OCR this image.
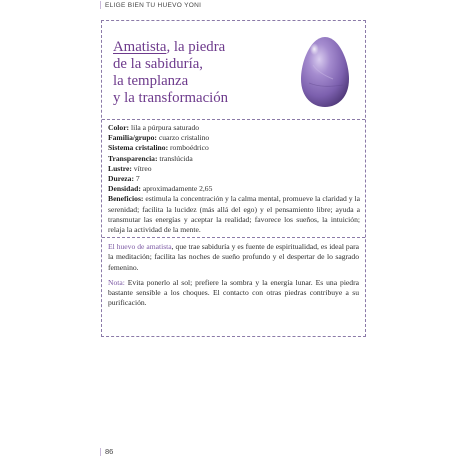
ELIGE BIEN TU HUEVO YONI
Amatista, la piedra
de la sabiduría,
la templanza
y la transformación
Color: lila a púrpura saturado
Familia/grupo: cuarzo cristalino
Sistema cristalino: romboédrico
Transparencia: translúcida
Lustre: vítreo
Dureza: 7
Densidad: aproximadamente 2,65
Beneficios: estimula la concentración y la calma mental, promueve la claridad y la serenidad; facilita la lucidez (más allá del ego) y el pensamiento libre; ayuda a transmutar las energías y aceptar la realidad; favorece los sueños, la intuición; relaja la actividad de la mente.

El huevo de amatista, que trae sabiduría y es fuente de espiritualidad, es ideal para la meditación; facilita las noches de sueño profundo y el despertar de lo sagrado femenino.

Nota: Evita ponerlo al sol; prefiere la sombra y la energía lunar. Es una piedra bastante sensible a los choques. El contacto con otras piedras contribuye a su purificación.

86
